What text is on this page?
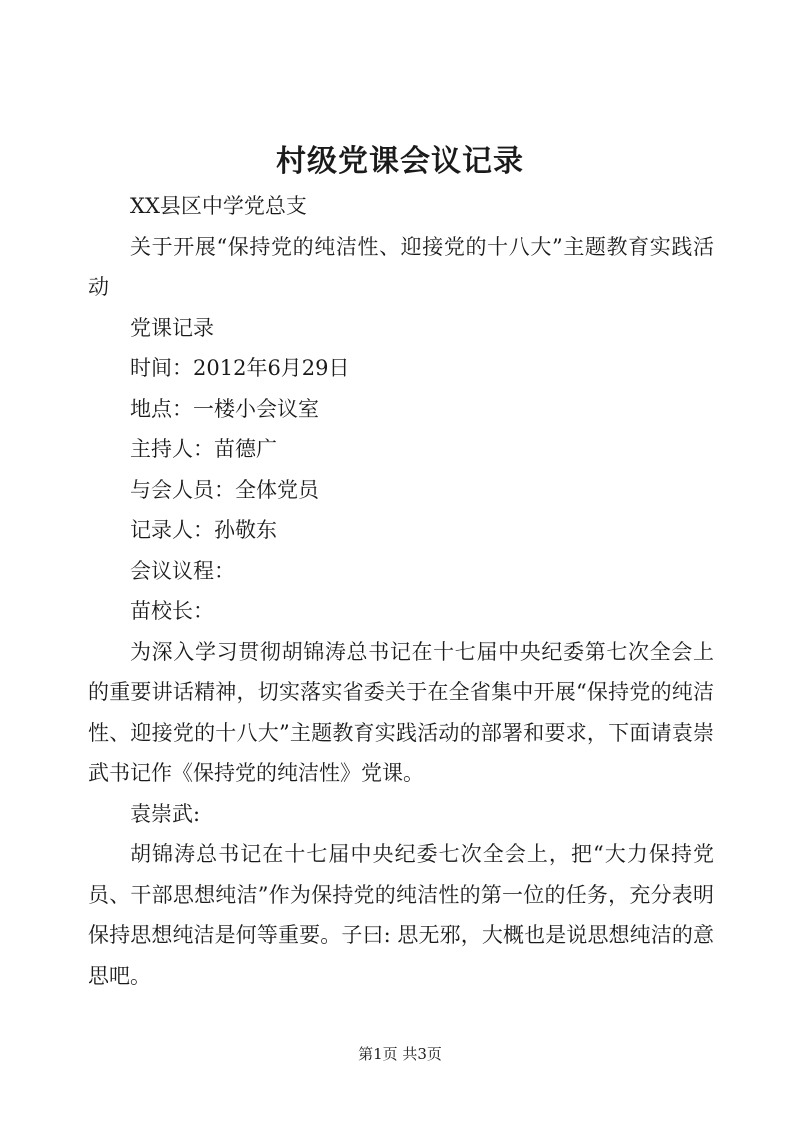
村级党课会议记录

XX县区中学党总支

关于开展“保持党的纯洁性、迎接党的十八大”主题教育实践活动

党课记录

时间：2012年6月29日

地点：一楼小会议室

主持人：苗德广

与会人员：全体党员

记录人：孙敬东

会议议程：

苗校长：

为深入学习贯彻胡锦涛总书记在十七届中央纪委第七次全会上的重要讲话精神，切实落实省委关于在全省集中开展“保持党的纯洁性、迎接党的十八大”主题教育实践活动的部署和要求，下面请袁崇武书记作《保持党的纯洁性》党课。

袁崇武:

胡锦涛总书记在十七届中央纪委七次全会上，把“大力保持党员、干部思想纯洁”作为保持党的纯洁性的第一位的任务，充分表明保持思想纯洁是何等重要。子曰: 思无邪，大概也是说思想纯洁的意思吧。

第1页 共3页
